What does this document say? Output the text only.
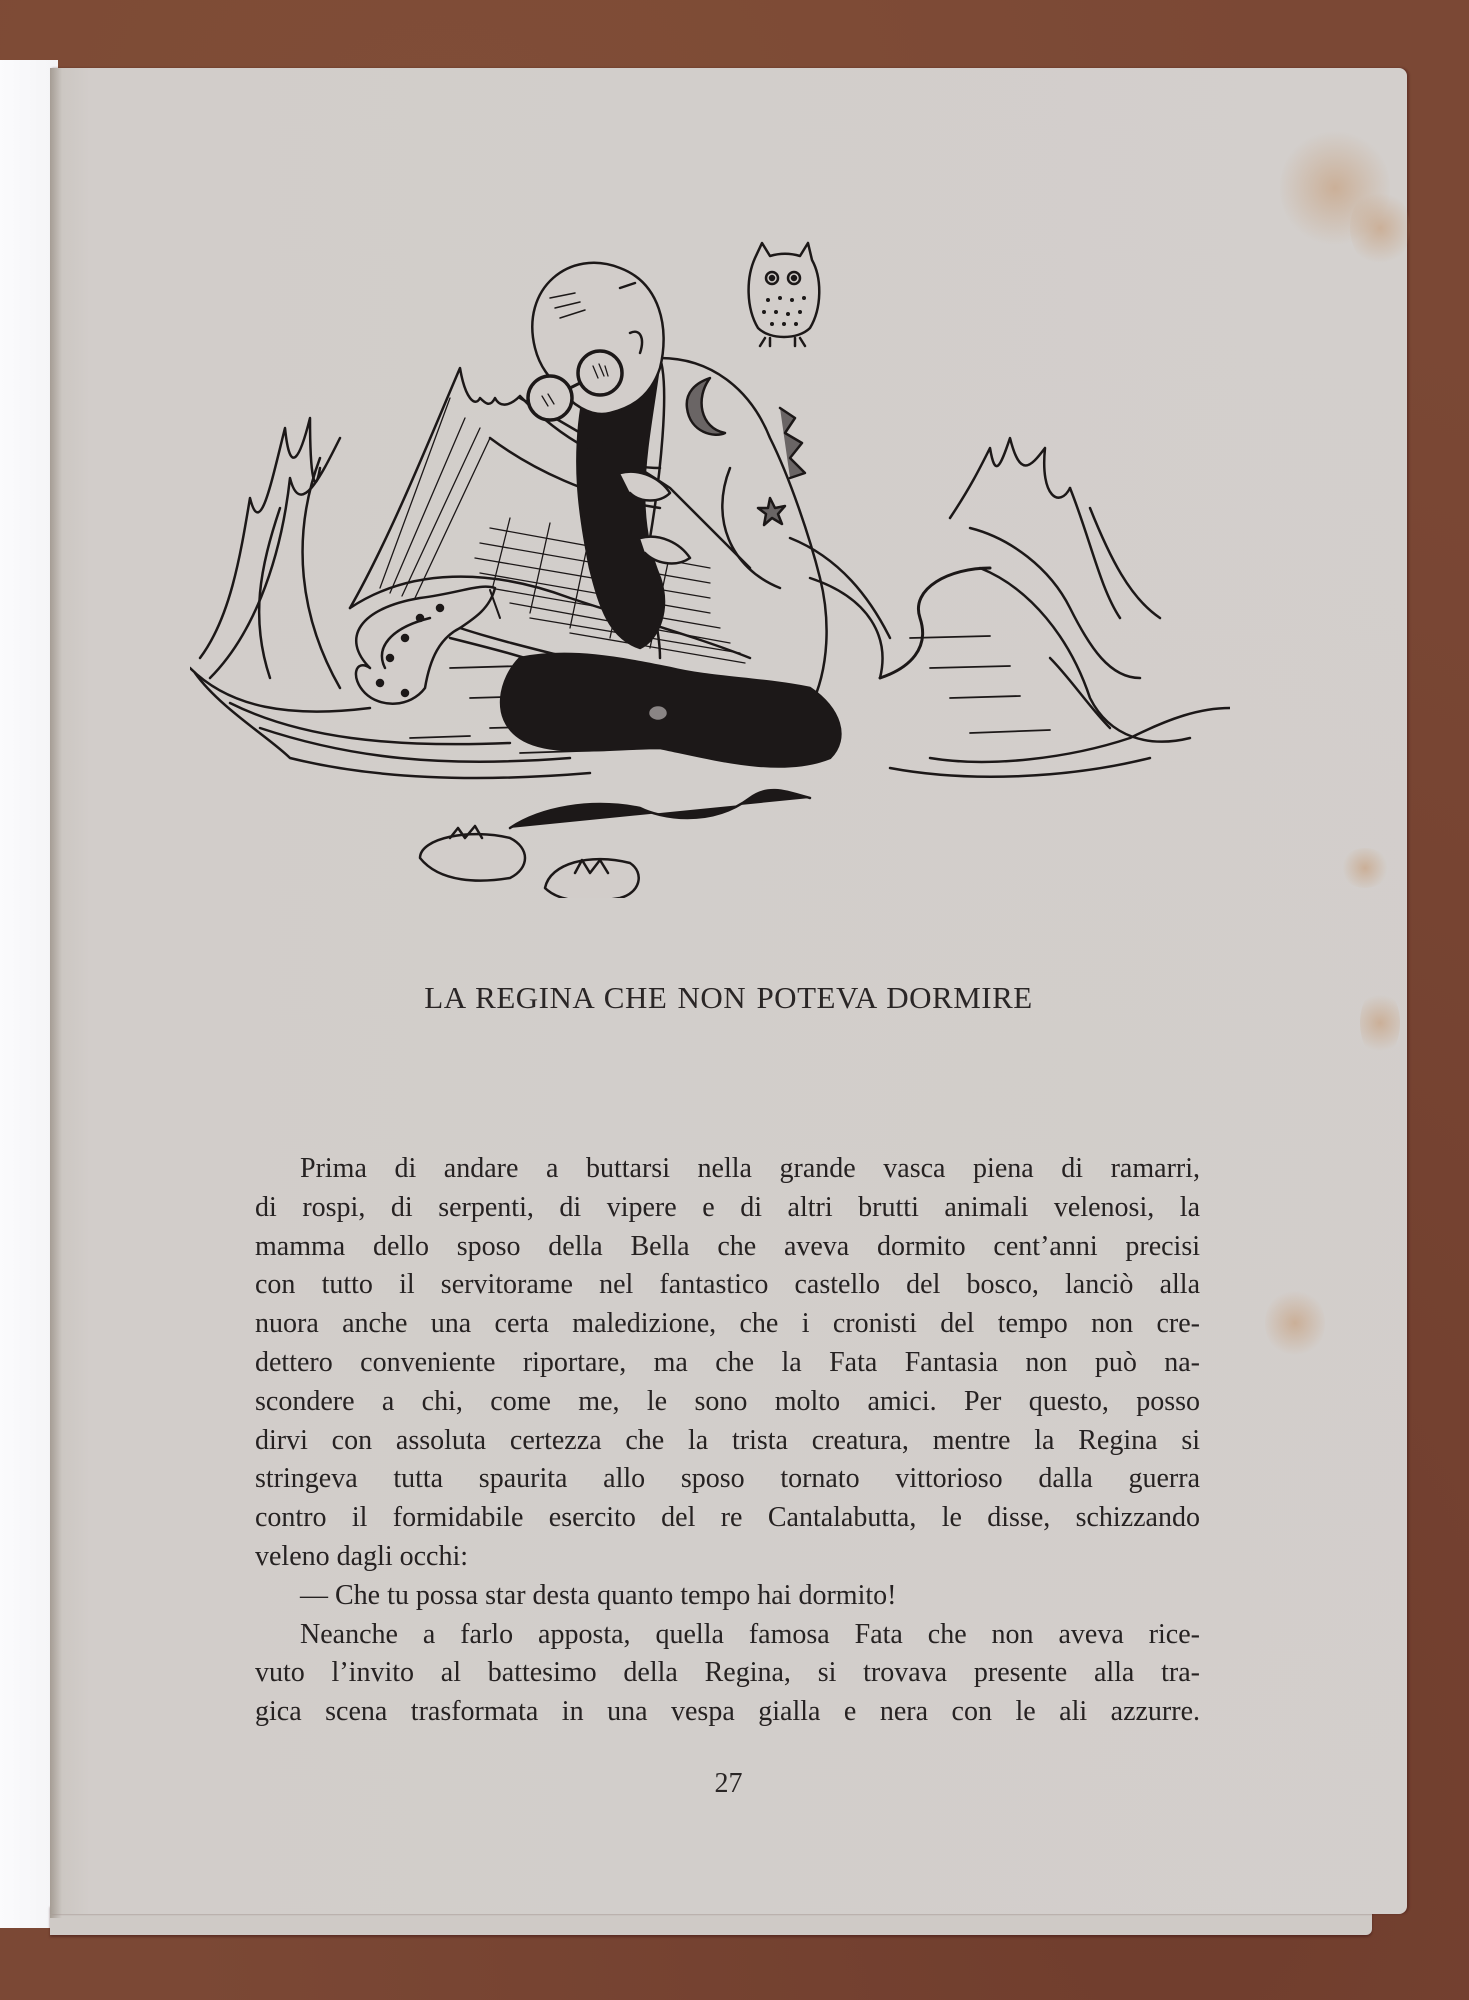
LA REGINA CHE NON POTEVA DORMIRE
Prima di andare a buttarsi nella grande vasca piena di ramarri,
di rospi, di serpenti, di vipere e di altri brutti animali velenosi, la
mamma dello sposo della Bella che aveva dormito cent’anni precisi
con tutto il servitorame nel fantastico castello del bosco, lanciò alla
nuora anche una certa maledizione, che i cronisti del tempo non cre-
dettero conveniente riportare, ma che la Fata Fantasia non può na-
scondere a chi, come me, le sono molto amici. Per questo, posso
dirvi con assoluta certezza che la trista creatura, mentre la Regina si
stringeva tutta spaurita allo sposo tornato vittorioso dalla guerra
contro il formidabile esercito del re Cantalabutta, le disse, schizzando
veleno dagli occhi:
— Che tu possa star desta quanto tempo hai dormito!
Neanche a farlo apposta, quella famosa Fata che non aveva rice-
vuto l’invito al battesimo della Regina, si trovava presente alla tra-
gica scena trasformata in una vespa gialla e nera con le ali azzurre.
27
